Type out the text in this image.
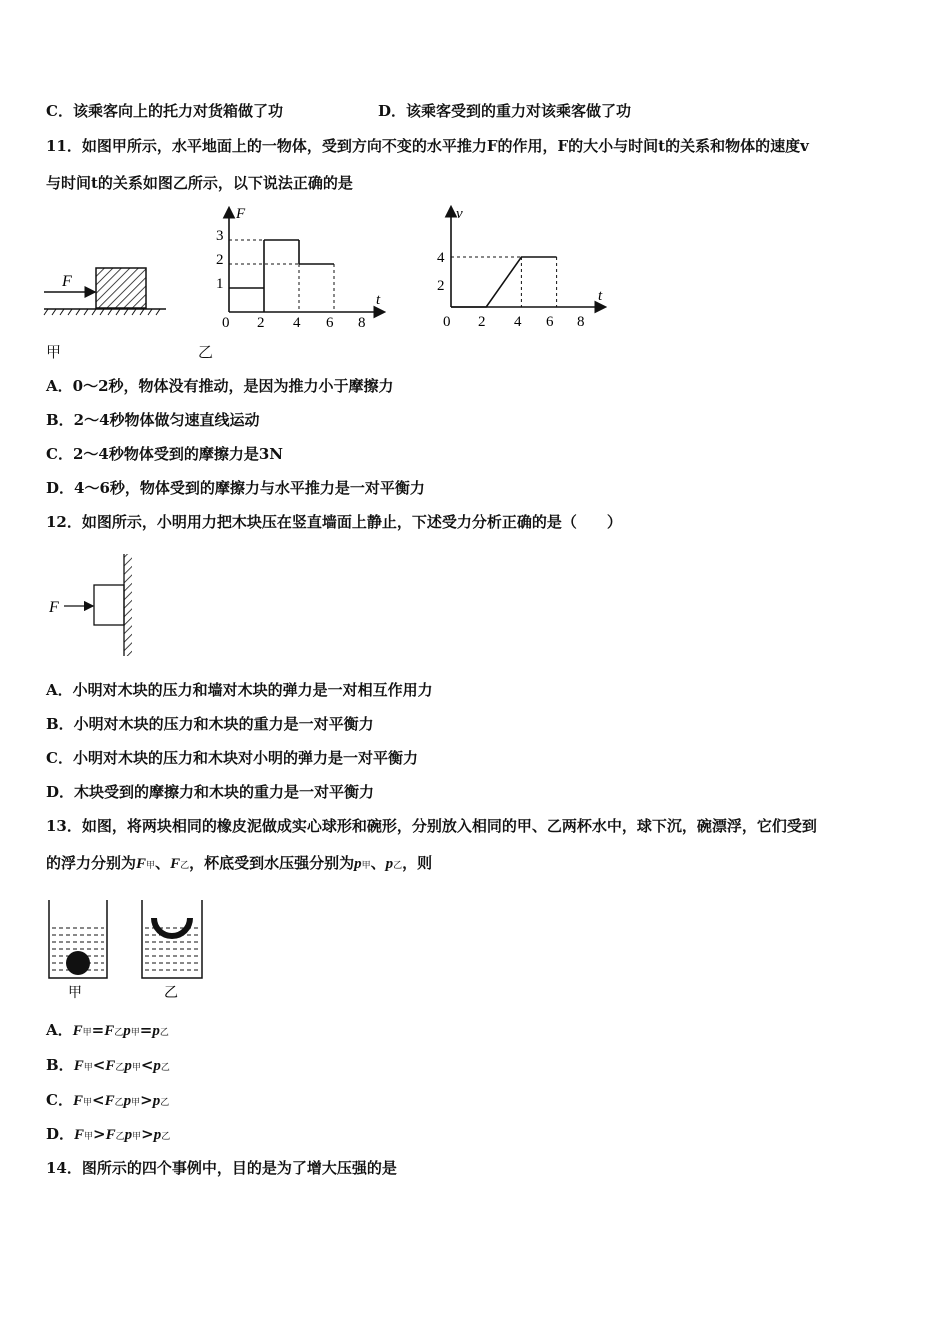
C．该乘客向上的托力对货箱做了功	D．该乘客受到的重力对该乘客做了功
11．如图甲所示，水平地面上的一物体，受到方向不变的水平推力F的作用，F的大小与时间t的关系和物体的速度v
与时间t的关系如图乙所示，以下说法正确的是
F
F
t
0 2 4 6 8
1
2
3
v
t
0 2 4 6 8
2
4
甲	乙
A．0～2秒，物体没有推动，是因为推力小于摩擦力
B．2～4秒物体做匀速直线运动
C．2～4秒物体受到的摩擦力是3N
D．4～6秒，物体受到的摩擦力与水平推力是一对平衡力
12．如图所示，小明用力把木块压在竖直墙面上静止，下述受力分析正确的是（　　）
F
A．小明对木块的压力和墙对木块的弹力是一对相互作用力
B．小明对木块的压力和木块的重力是一对平衡力
C．小明对木块的压力和木块对小明的弹力是一对平衡力
D．木块受到的摩擦力和木块的重力是一对平衡力
13．如图，将两块相同的橡皮泥做成实心球形和碗形，分别放入相同的甲、乙两杯水中，球下沉，碗漂浮，它们受到
的浮力分别为F甲、F乙，杯底受到水压强分别为p甲、p乙，则
甲	乙
A．F甲=F乙p甲=p乙
B．F甲<F乙p甲<p乙
C．F甲<F乙p甲>p乙
D．F甲>F乙p甲>p乙
14．图所示的四个事例中，目的是为了增大压强的是
